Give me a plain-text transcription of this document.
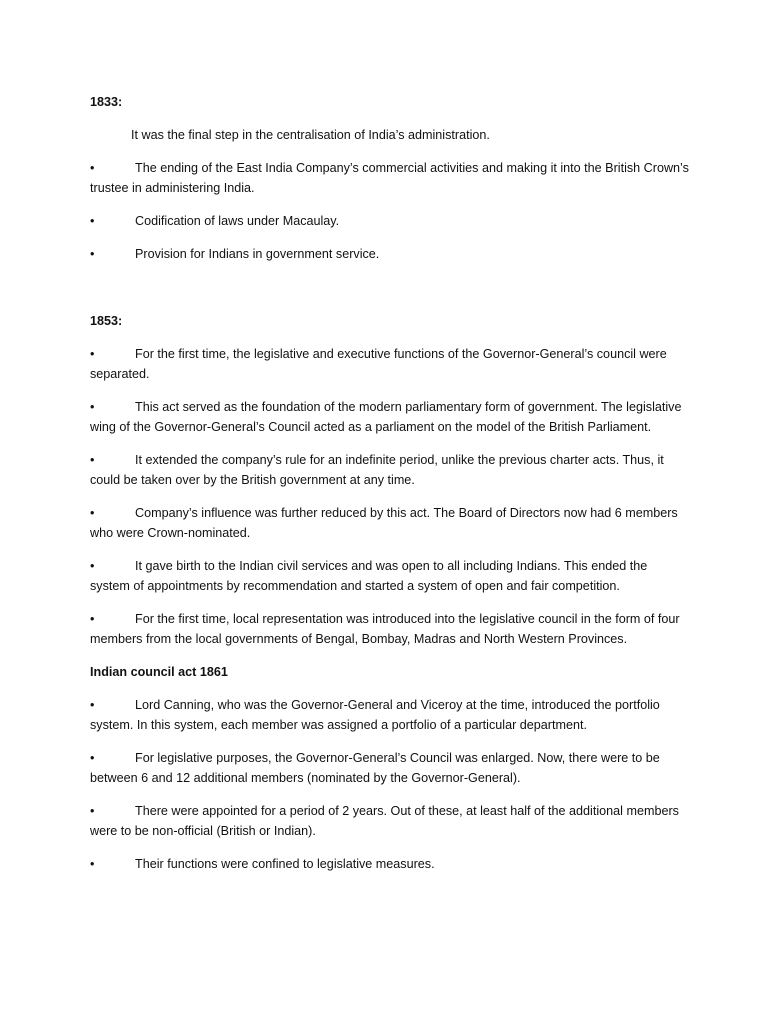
1833:

It was the final step in the centralisation of India’s administration.

•	The ending of the East India Company’s commercial activities and making it into the British Crown’s trustee in administering India.

•	Codification of laws under Macaulay.

•	Provision for Indians in government service.

1853:

•	For the first time, the legislative and executive functions of the Governor-General’s council were separated.

•	This act served as the foundation of the modern parliamentary form of government. The legislative wing of the Governor-General’s Council acted as a parliament on the model of the British Parliament.

•	It extended the company’s rule for an indefinite period, unlike the previous charter acts. Thus, it could be taken over by the British government at any time.

•	Company’s influence was further reduced by this act. The Board of Directors now had 6 members who were Crown-nominated.

•	It gave birth to the Indian civil services and was open to all including Indians. This ended the system of appointments by recommendation and started a system of open and fair competition.

•	For the first time, local representation was introduced into the legislative council in the form of four members from the local governments of Bengal, Bombay, Madras and North Western Provinces.

Indian council act 1861

•	Lord Canning, who was the Governor-General and Viceroy at the time, introduced the portfolio system. In this system, each member was assigned a portfolio of a particular department.

•	For legislative purposes, the Governor-General’s Council was enlarged. Now, there were to be between 6 and 12 additional members (nominated by the Governor-General).

•	There were appointed for a period of 2 years. Out of these, at least half of the additional members were to be non-official (British or Indian).

•	Their functions were confined to legislative measures.
